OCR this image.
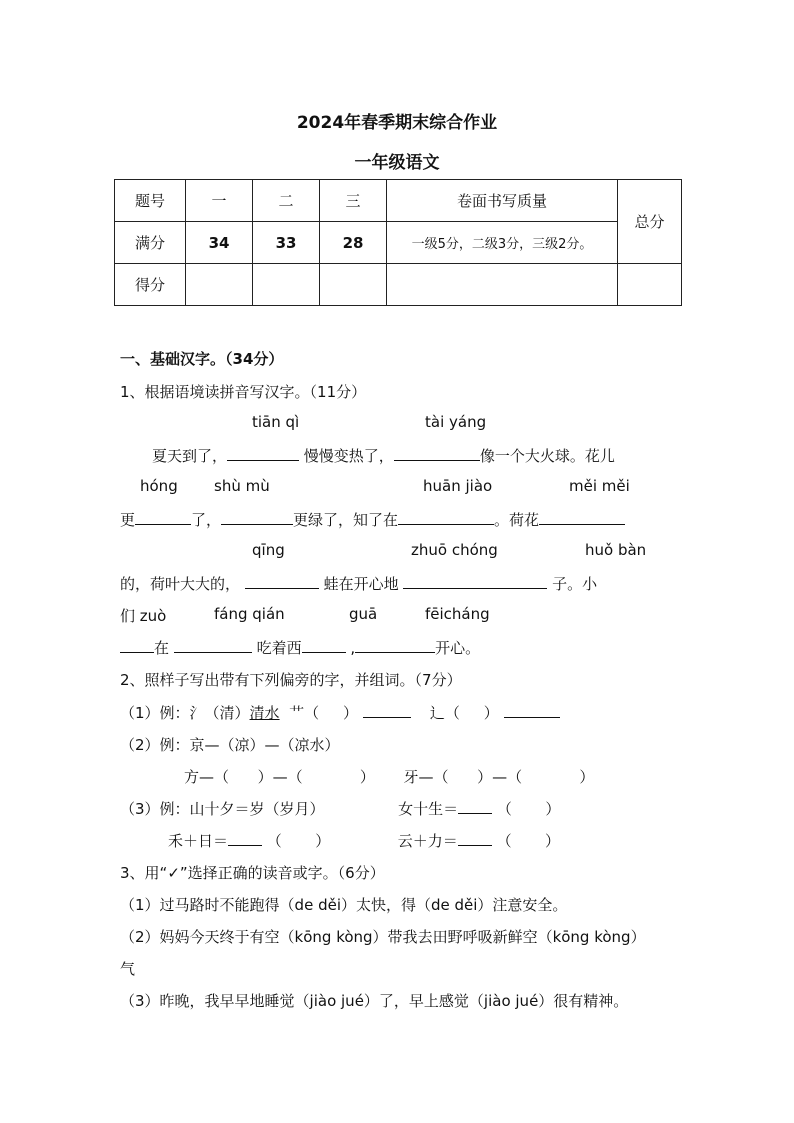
2024年春季期末综合作业
一年级语文
题号	一	二	三	卷面书写质量	总分
满分	34	33	28	一级5分，二级3分，三级2分。	
得分					
一、基础汉字。（34分）
1、根据语境读拼音写汉字。（11分）
tiān qì	tài yáng
夏天到了，	慢慢变热了，	像一个大火球。花儿
hóng shù mù	huān jiào	měi měi
更	了，	更绿了，知了在	。荷花
qīng	zhuō chóng	huǒ bàn
的，荷叶大大的，	蛙在开心地	子。小
们 zuò	fáng qián	guā	fēicháng
在	吃着西	,	开心。
2、照样子写出带有下列偏旁的字，并组词。（7分）
（1）例：氵（清）清水 艹（ ）	辶（ ）
（2）例：京—（凉）—（凉水）
方—（ ）—（	） 牙—（ ）—（	）
（3）例：山十夕＝岁（岁月）	女十生＝	（ ）
禾＋日＝	（ ）	云＋力＝	（ ）
3、用“✓”选择正确的读音或字。（6分）
（1）过马路时不能跑得（de děi）太快，得（de děi）注意安全。
（2）妈妈今天终于有空（kōng kòng）带我去田野呼吸新鲜空（kōng kòng）
气
（3）昨晚，我早早地睡觉（jiào jué）了，早上感觉（jiào jué）很有精神。
